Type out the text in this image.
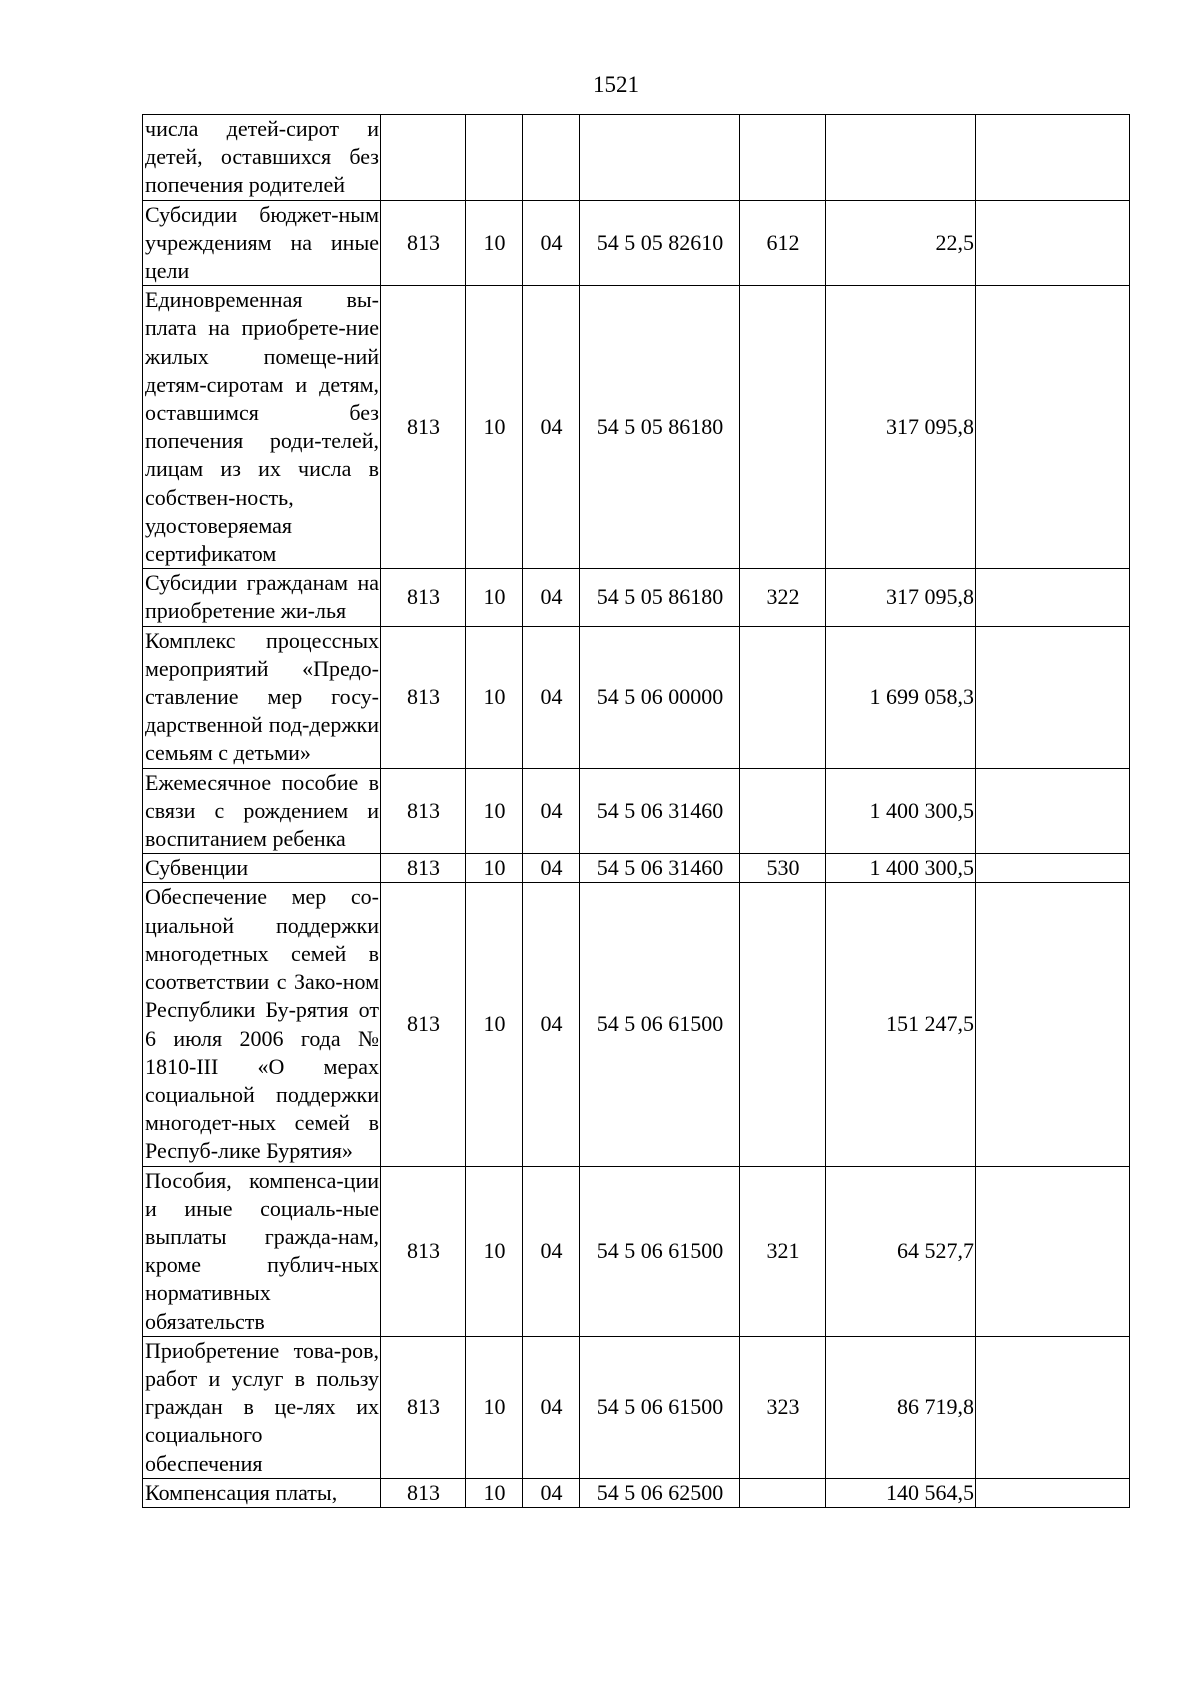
1521
числа детей-сирот и детей, оставшихся без попечения родителей							
Субсидии бюджет-ным учреждениям на иные цели	813	10	04	54 5 05 82610	612	22,5	
Единовременная вы-плата на приобрете-ние жилых помеще-ний детям-сиротам и детям, оставшимся без попечения роди-телей, лицам из их числа в собствен-ность, удостоверяемая сертификатом	813	10	04	54 5 05 86180		317 095,8	
Субсидии гражданам на приобретение жи-лья	813	10	04	54 5 05 86180	322	317 095,8	
Комплекс процессных мероприятий «Предо-ставление мер госу-дарственной под-держки семьям с детьми»	813	10	04	54 5 06 00000		1 699 058,3	
Ежемесячное пособие в связи с рождением и воспитанием ребенка	813	10	04	54 5 06 31460		1 400 300,5	
Субвенции	813	10	04	54 5 06 31460	530	1 400 300,5	
Обеспечение мер со-циальной поддержки многодетных семей в соответствии с Зако-ном Республики Бу-рятия от 6 июля 2006 года № 1810-III «О мерах социальной поддержки многодет-ных семей в Респуб-лике Бурятия»	813	10	04	54 5 06 61500		151 247,5	
Пособия, компенса-ции и иные социаль-ные выплаты гражда-нам, кроме публич-ных нормативных обязательств	813	10	04	54 5 06 61500	321	64 527,7	
Приобретение това-ров, работ и услуг в пользу граждан в це-лях их социального обеспечения	813	10	04	54 5 06 61500	323	86 719,8	
Компенсация платы,	813	10	04	54 5 06 62500		140 564,5	
